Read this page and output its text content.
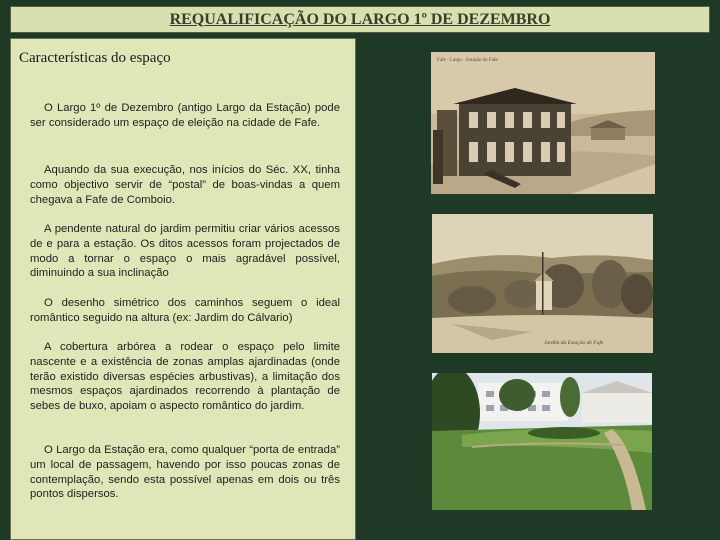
REQUALIFICAÇÃO DO LARGO 1º DE DEZEMBRO
Características do espaço

O Largo 1º de Dezembro (antigo Largo da Estação) pode ser considerado um espaço de eleição na cidade de Fafe.

Aquando da sua execução, nos inícios do Séc. XX, tinha como objectivo servir de “postal” de boas-vindas a quem chegava a Fafe de Comboio.

A pendente natural do jardim permitiu criar vários acessos de e para a estação. Os ditos acessos foram projectados de modo a tornar o espaço o mais agradável possível, diminuindo a sua inclinação

O desenho simétrico dos caminhos seguem o ideal romântico seguido na altura (ex: Jardim do Cálvario)

A cobertura arbórea a rodear o espaço pelo limite nascente e a existência de zonas amplas ajardinadas (onde terão existido diversas espécies arbustivas), a limitação dos mesmos espaços ajardinados recorrendo à plantação de sebes de buxo, apoiam o aspecto romântico do jardim.

O Largo da Estação era, como qualquer “porta de entrada” um local de passagem, havendo por isso poucas zonas de contemplação, sendo esta possível apenas em dois ou três pontos dispersos.

Fafe - Largo - Estação de Fafe
Jardim da Estação de Fafe
